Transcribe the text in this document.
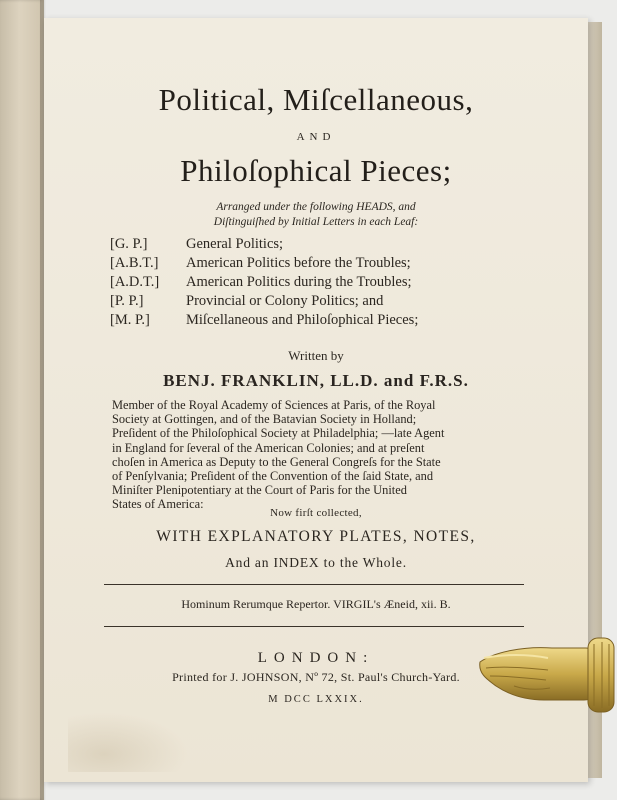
Political, Miſcellaneous,
AND
Philoſophical Pieces;
Arranged under the following HEADS, and
Diſtinguiſhed by Initial Letters in each Leaf:
[G. P.]	General Politics;
[A.B.T.]	American Politics before the Troubles;
[A.D.T.]	American Politics during the Troubles;
[P. P.]	Provincial or Colony Politics; and
[M. P.]	Miſcellaneous and Philoſophical Pieces;
Written by
BENJ. FRANKLIN, LL.D. and F.R.S.
Member of the Royal Academy of Sciences at Paris, of the Royal
Society at Gottingen, and of the Batavian Society in Holland;
Preſident of the Philoſophical Society at Philadelphia; —late Agent
in England for ſeveral of the American Colonies; and at preſent
choſen in America as Deputy to the General Congreſs for the State
of Penſylvania; Preſident of the Convention of the ſaid State, and
Miniſter Plenipotentiary at the Court of Paris for the United
States of America:
Now firſt collected,
WITH EXPLANATORY PLATES, NOTES,
And an INDEX to the Whole.
Hominum Rerumque Repertor. VIRGIL's Æneid, xii. B.
LONDON:
Printed for J. JOHNSON, Nº 72, St. Paul's Church-Yard.
M DCC LXXIX.
